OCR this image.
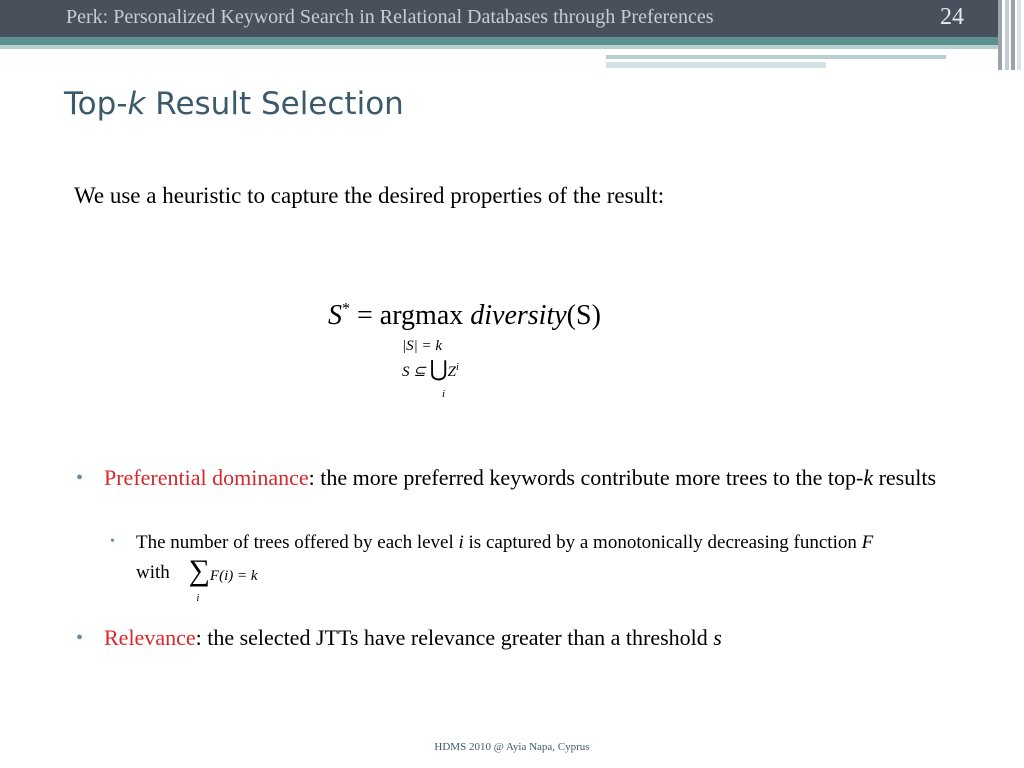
Perk: Personalized Keyword Search in Relational Databases through Preferences	24
Top-k Result Selection
We use a heuristic to capture the desired properties of the result:
S* = argmax diversity(S)
|S| = k
S ⊆ $⋃Z^i$
i
• Preferential dominance: the more preferred keywords contribute more trees to the top-k results
• The number of trees offered by each level i is captured by a monotonically decreasing function F with ∑F(i) = k
i
• Relevance: the selected JTTs have relevance greater than a threshold s
HDMS 2010 @ Ayia Napa, Cyprus
